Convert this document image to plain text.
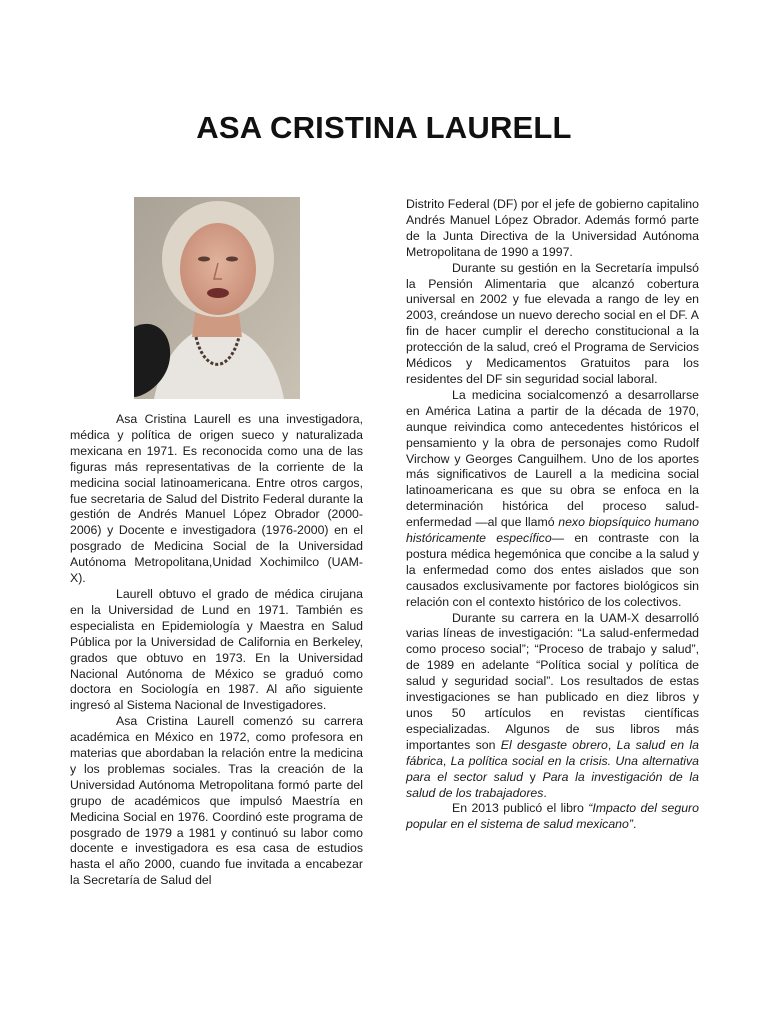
ASA CRISTINA LAURELL

Asa Cristina Laurell es una investigadora, médica y política de origen sueco y naturalizada mexicana en 1971. Es reconocida como una de las figuras más representativas de la corriente de la medicina social latinoamericana. Entre otros cargos, fue secretaria de Salud del Distrito Federal durante la gestión de Andrés Manuel López Obrador (2000-2006) y Docente e investigadora (1976-2000) en el posgrado de Medicina Social de la Universidad Autónoma Metropolitana,Unidad Xochimilco (UAM-X).

Laurell obtuvo el grado de médica cirujana en la Universidad de Lund en 1971. También es especialista en Epidemiología y Maestra en Salud Pública por la Universidad de California en Berkeley, grados que obtuvo en 1973. En la Universidad Nacional Autónoma de México se graduó como doctora en Sociología en 1987. Al año siguiente ingresó al Sistema Nacional de Investigadores.

Asa Cristina Laurell comenzó su carrera académica en México en 1972, como profesora en materias que abordaban la relación entre la medicina y los problemas sociales. Tras la creación de la Universidad Autónoma Metropolitana formó parte del grupo de académicos que impulsó Maestría en Medicina Social en 1976. Coordinó este programa de posgrado de 1979 a 1981 y continuó su labor como docente e investigadora es esa casa de estudios hasta el año 2000, cuando fue invitada a encabezar la Secretaría de Salud del

Distrito Federal (DF) por el jefe de gobierno capitalino Andrés Manuel López Obrador. Además formó parte de la Junta Directiva de la Universidad Autónoma Metropolitana de 1990 a 1997.

Durante su gestión en la Secretaría impulsó la Pensión Alimentaria que alcanzó cobertura universal en 2002 y fue elevada a rango de ley en 2003, creándose un nuevo derecho social en el DF. A fin de hacer cumplir el derecho constitucional a la protección de la salud, creó el Programa de Servicios Médicos y Medicamentos Gratuitos para los residentes del DF sin seguridad social laboral.

La medicina socialcomenzó a desarrollarse en América Latina a partir de la década de 1970, aunque reivindica como antecedentes históricos el pensamiento y la obra de personajes como Rudolf Virchow y Georges Canguilhem. Uno de los aportes más significativos de Laurell a la medicina social latinoamericana es que su obra se enfoca en la determinación histórica del proceso salud-enfermedad —al que llamó nexo biopsíquico humano históricamente específico— en contraste con la postura médica hegemónica que concibe a la salud y la enfermedad como dos entes aislados que son causados exclusivamente por factores biológicos sin relación con el contexto histórico de los colectivos.

Durante su carrera en la UAM-X desarrolló varias líneas de investigación: “La salud-enfermedad como proceso social”; “Proceso de trabajo y salud”, de 1989 en adelante “Política social y política de salud y seguridad social”. Los resultados de estas investigaciones se han publicado en diez libros y unos 50 artículos en revistas científicas especializadas. Algunos de sus libros más importantes son El desgaste obrero, La salud en la fábrica, La política social en la crisis. Una alternativa para el sector salud y Para la investigación de la salud de los trabajadores.

En 2013 publicó el libro “Impacto del seguro popular en el sistema de salud mexicano”.
